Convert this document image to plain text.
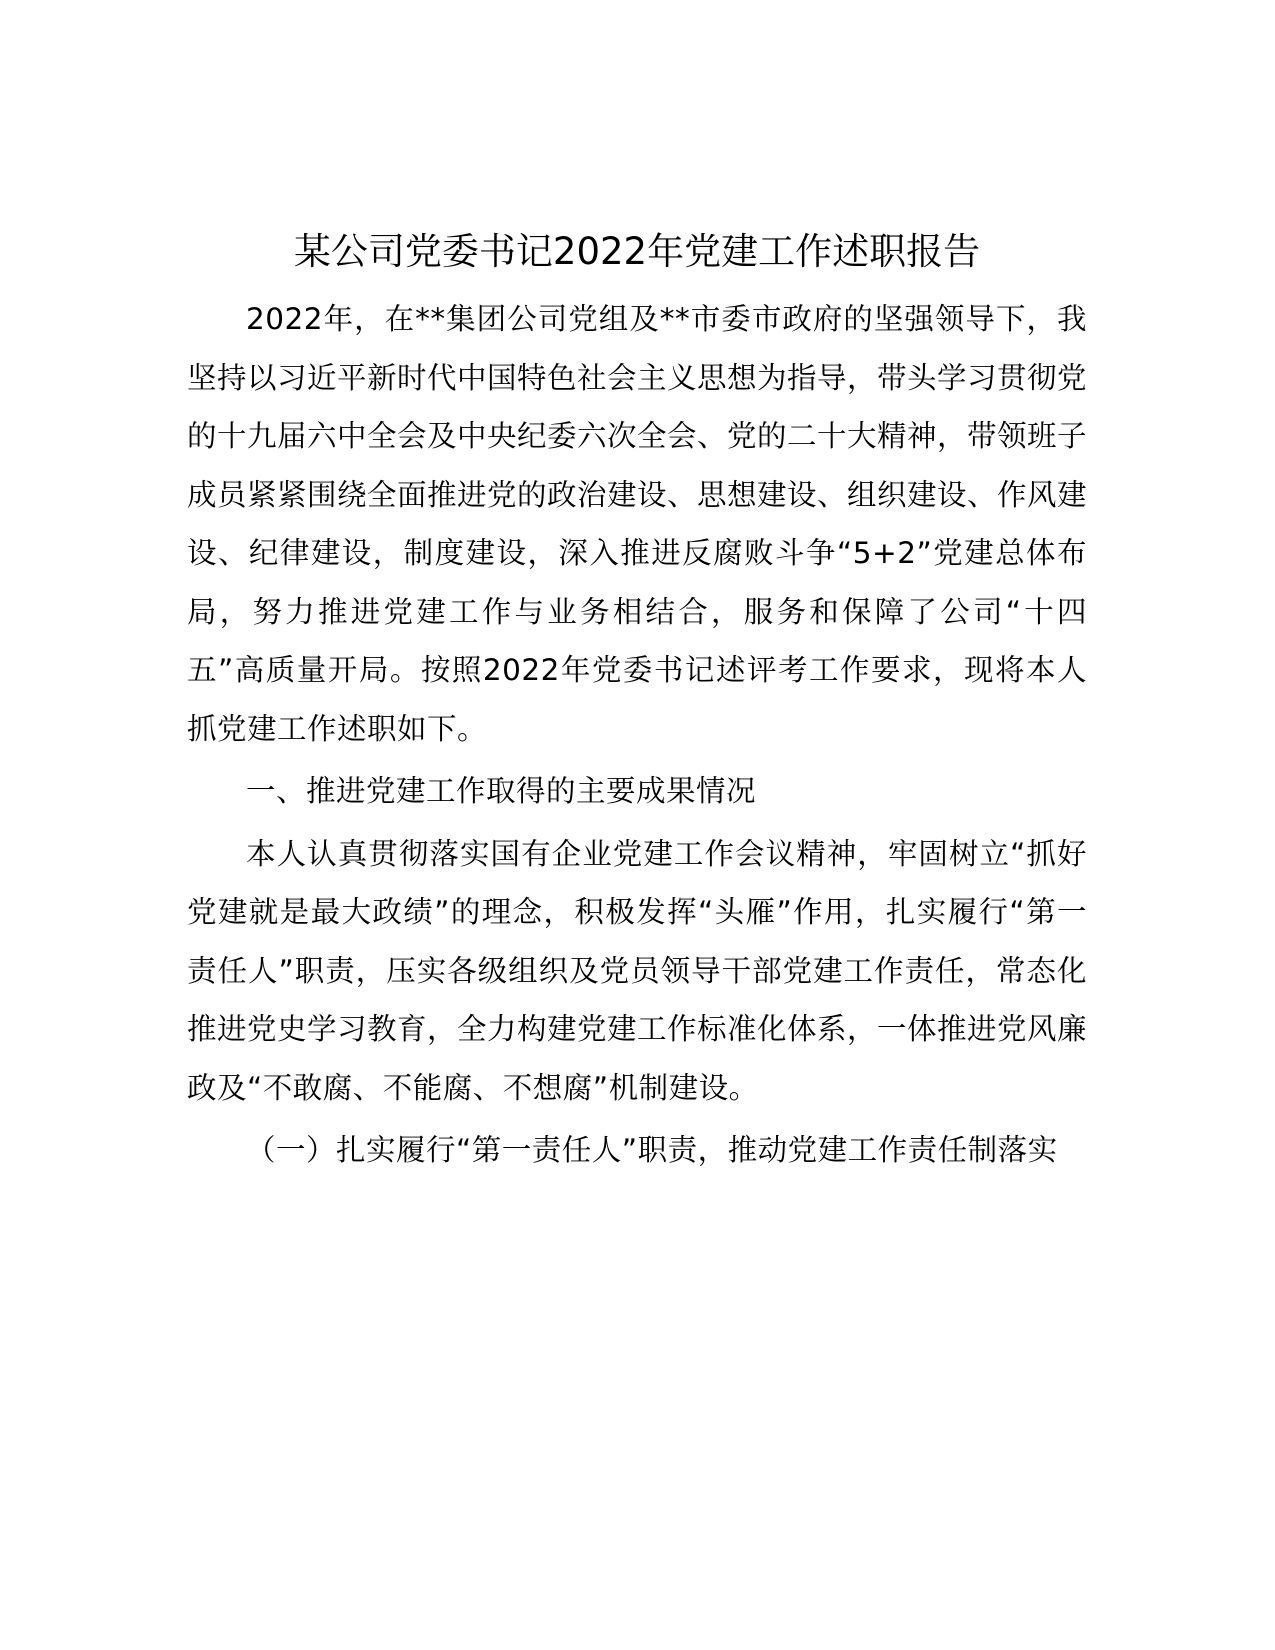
某公司党委书记2022年党建工作述职报告

2022年，在**集团公司党组及**市委市政府的坚强领导下，我坚持以习近平新时代中国特色社会主义思想为指导，带头学习贯彻党的十九届六中全会及中央纪委六次全会、党的二十大精神，带领班子成员紧紧围绕全面推进党的政治建设、思想建设、组织建设、作风建设、纪律建设，制度建设，深入推进反腐败斗争“5+2”党建总体布局，努力推进党建工作与业务相结合，服务和保障了公司“十四五”高质量开局。按照2022年党委书记述评考工作要求，现将本人抓党建工作述职如下。

一、推进党建工作取得的主要成果情况

本人认真贯彻落实国有企业党建工作会议精神，牢固树立“抓好党建就是最大政绩”的理念，积极发挥“头雁”作用，扎实履行“第一责任人”职责，压实各级组织及党员领导干部党建工作责任，常态化推进党史学习教育，全力构建党建工作标准化体系，一体推进党风廉政及“不敢腐、不能腐、不想腐”机制建设。

（一）扎实履行“第一责任人”职责，推动党建工作责任制落实
